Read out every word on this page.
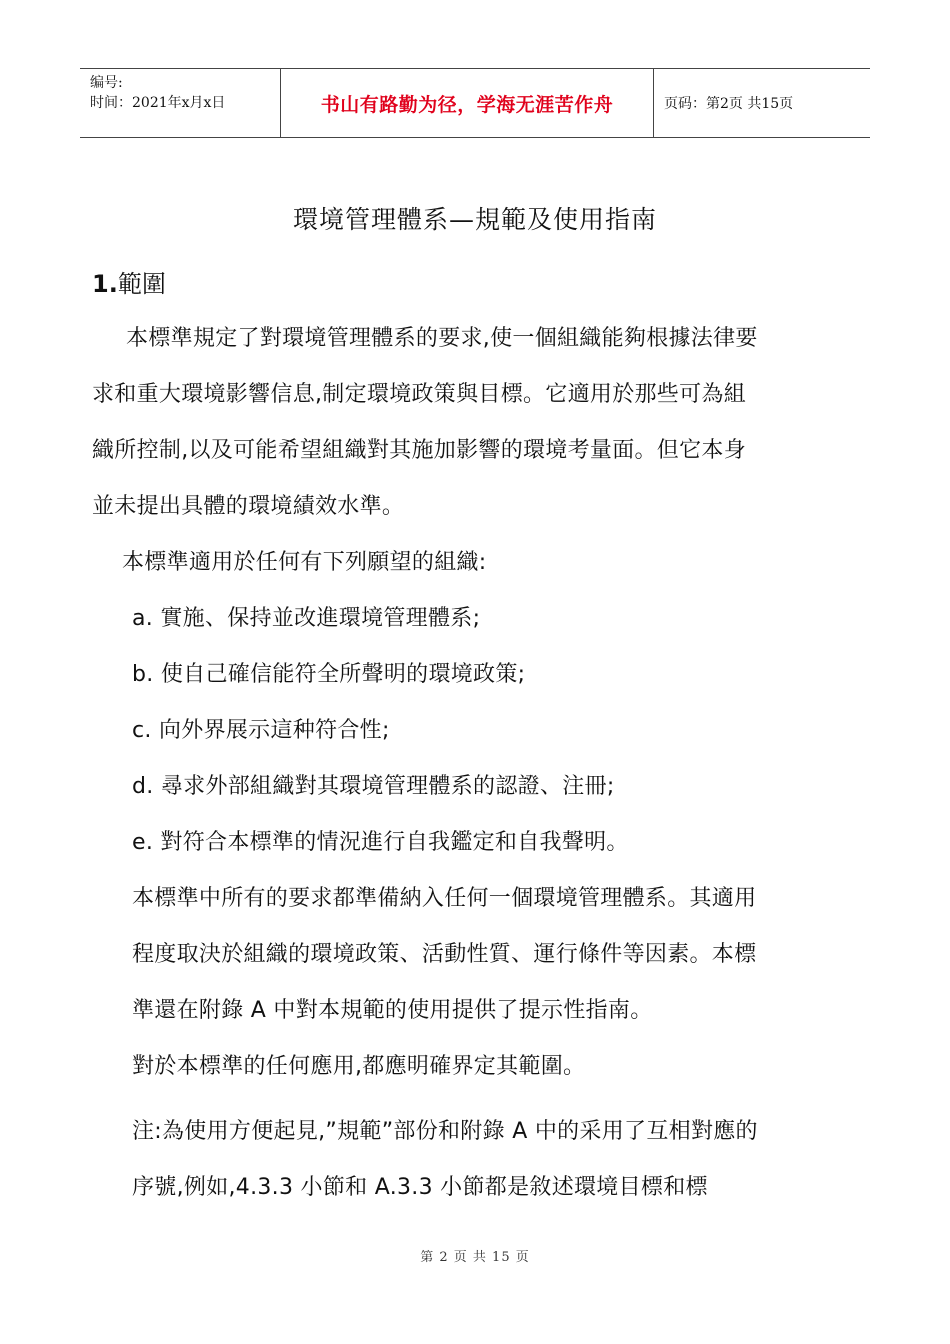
编号:
时间：2021年x月x日	书山有路勤为径，学海无涯苦作舟	页码：第2页 共15页
環境管理體系—規範及使用指南
1.範圍
本標準規定了對環境管理體系的要求,使一個組織能夠根據法律要
求和重大環境影響信息,制定環境政策與目標。它適用於那些可為組
織所控制,以及可能希望組織對其施加影響的環境考量面。但它本身
並未提出具體的環境績效水準。
本標準適用於任何有下列願望的組織:
a. 實施、保持並改進環境管理體系;
b. 使自己確信能符全所聲明的環境政策;
c. 向外界展示這种符合性;
d. 尋求外部組織對其環境管理體系的認證、注冊;
e. 對符合本標準的情況進行自我鑑定和自我聲明。
本標準中所有的要求都準備納入任何一個環境管理體系。其適用
程度取決於組織的環境政策、活動性質、運行條件等因素。本標
準還在附錄 A 中對本規範的使用提供了提示性指南。
對於本標準的任何應用,都應明確界定其範圍。
注:為使用方便起見,”規範”部份和附錄 A 中的采用了互相對應的
序號,例如,4.3.3 小節和 A.3.3 小節都是敘述環境目標和標
第 2 页 共 15 页
